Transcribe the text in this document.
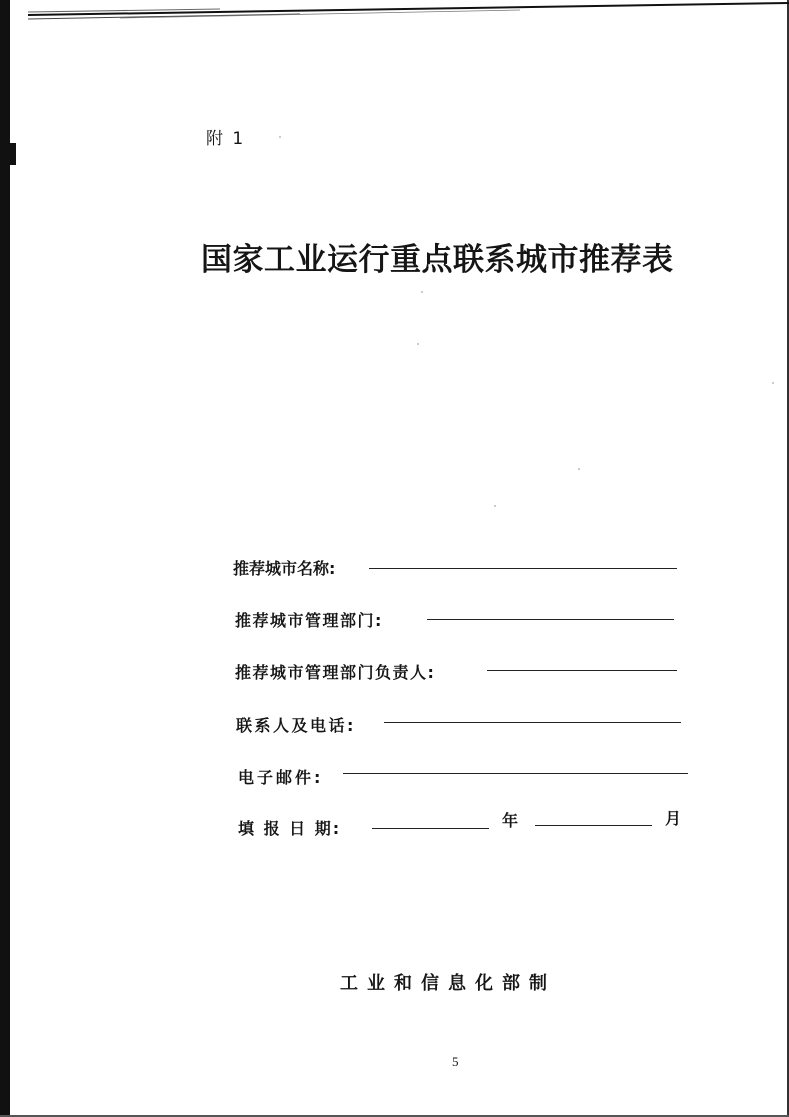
附 1
国家工业运行重点联系城市推荐表
推荐城市名称:
推荐城市管理部门:
推荐城市管理部门负责人:
联系人及电话:
电子邮件:
填 报 日 期:	年	月
工业和信息化部制
5
